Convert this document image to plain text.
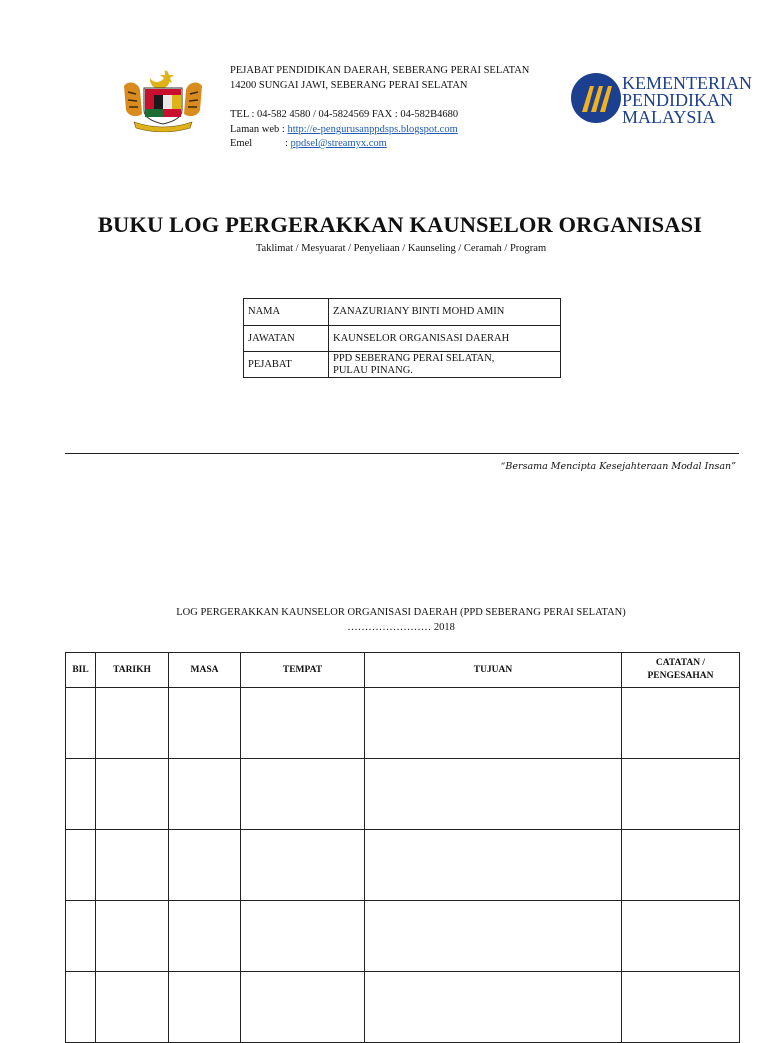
PEJABAT PENDIDIKAN DAERAH, SEBERANG PERAI SELATAN
14200 SUNGAI JAWI, SEBERANG PERAI SELATAN
TEL : 04-582 4580 / 04-5824569 FAX : 04-582B4680
Laman web : http://e-pengurusanppdsps.blogspot.com
Emel	: ppdsel@streamyx.com
KEMENTERIAN
PENDIDIKAN
MALAYSIA
BUKU LOG PERGERAKKAN KAUNSELOR ORGANISASI
Taklimat / Mesyuarat / Penyeliaan / Kaunseling / Ceramah / Program
NAMA	ZANAZURIANY BINTI MOHD AMIN
JAWATAN	KAUNSELOR ORGANISASI DAERAH
PEJABAT	PPD SEBERANG PERAI SELATAN,
PULAU PINANG.
“Bersama Mencipta Kesejahteraan Modal Insan”
LOG PERGERAKKAN KAUNSELOR ORGANISASI DAERAH (PPD SEBERANG PERAI SELATAN)
…………………… 2018
BIL	TARIKH	MASA	TEMPAT	TUJUAN	CATATAN /
PENGESAHAN
